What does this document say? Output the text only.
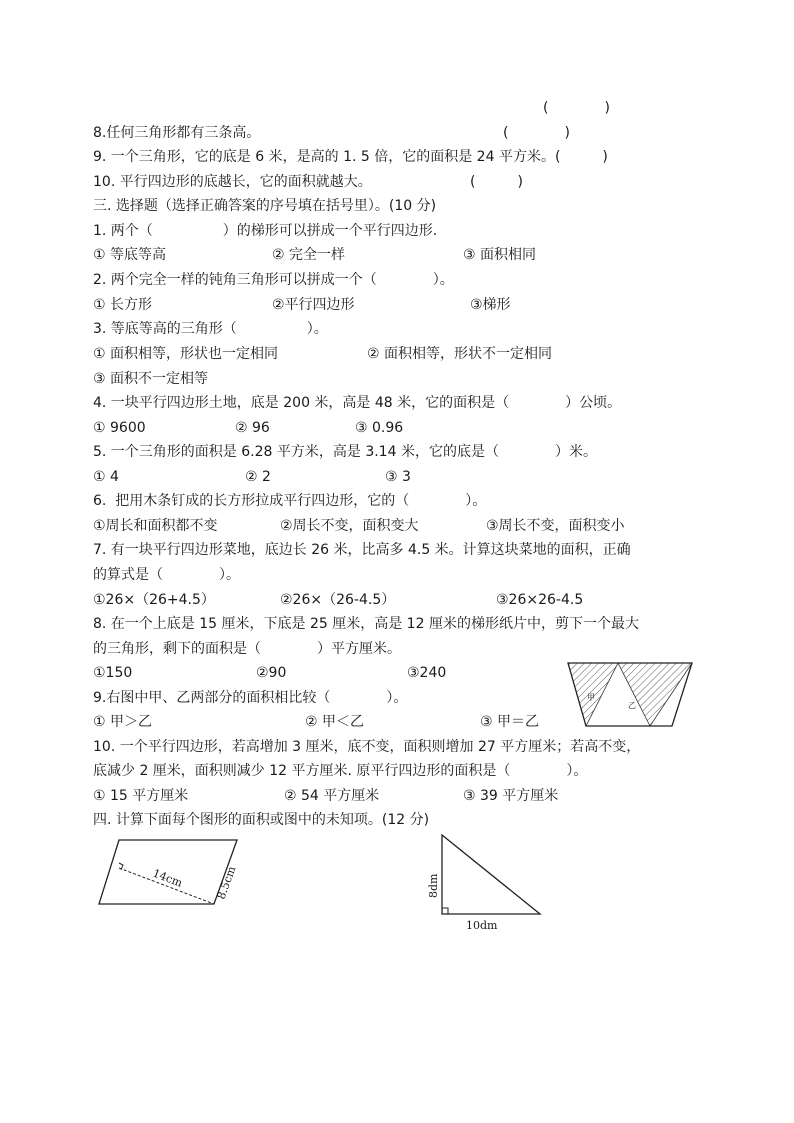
(　　　　)
8.任何三角形都有三条高。	(　　　　)
9. 一个三角形，它的底是 6 米，是高的 1. 5 倍，它的面积是 24 平方米。(　　　)
10. 平行四边形的底越长，它的面积就越大。	(　　　)
三. 选择题（选择正确答案的序号填在括号里）。(10 分)
1. 两个（　　　　　）的梯形可以拼成一个平行四边形.
① 等底等高	② 完全一样	③ 面积相同
2. 两个完全一样的钝角三角形可以拼成一个（　　　　）。
① 长方形	②平行四边形	③梯形
3. 等底等高的三角形（　　　　　）。
① 面积相等，形状也一定相同	② 面积相等，形状不一定相同
③ 面积不一定相等
4. 一块平行四边形土地，底是 200 米，高是 48 米，它的面积是（　　　　）公顷。
① 9600	② 96	③ 0.96
5. 一个三角形的面积是 6.28 平方米，高是 3.14 米，它的底是（　　　　）米。
① 4	② 2	③ 3
6.  把用木条钉成的长方形拉成平行四边形，它的（　　　　）。
①周长和面积都不变	②周长不变，面积变大	③周长不变，面积变小
7. 有一块平行四边形菜地，底边长 26 米，比高多 4.5 米。计算这块菜地的面积，正确
的算式是（　　　　）。
①26×（26+4.5）	②26×（26-4.5）	③26×26-4.5
8. 在一个上底是 15 厘米，下底是 25 厘米，高是 12 厘米的梯形纸片中，剪下一个最大
的三角形，剩下的面积是（　　　　）平方厘米。
①150	②90	③240
甲
乙
9.右图中甲、乙两部分的面积相比较（　　　　）。
① 甲＞乙	② 甲＜乙	③ 甲＝乙
10. 一个平行四边形，若高增加 3 厘米，底不变，面积则增加 27 平方厘米；若高不变，
底减少 2 厘米，面积则减少 12 平方厘米. 原平行四边形的面积是（　　　　）。
① 15 平方厘米	② 54 平方厘米	③ 39 平方厘米
四. 计算下面每个图形的面积或图中的未知项。(12 分)
14cm	8.5cm	8dm
10dm
